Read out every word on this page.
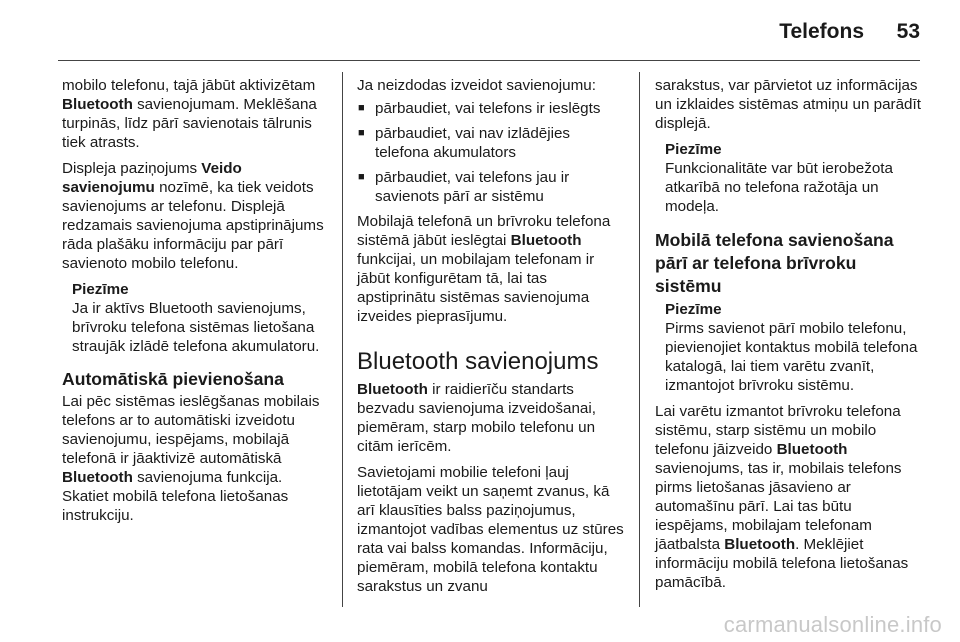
Telefons 53

mobilo telefonu, tajā jābūt aktivizētam Bluetooth savienojumam. Meklēšana turpinās, līdz pārī savienotais tālrunis tiek atrasts.

Displeja paziņojums Veido savienojumu nozīmē, ka tiek veidots savienojums ar telefonu. Displejā redzamais savienojuma apstiprinājums rāda plašāku informāciju par pārī savienoto mobilo telefonu.

Piezīme
Ja ir aktīvs Bluetooth savienojums, brīvroku telefona sistēmas lietošana straujāk izlādē telefona akumulatoru.
Automātiskā pievienošana

Lai pēc sistēmas ieslēgšanas mobilais telefons ar to automātiski izveidotu savienojumu, iespējams, mobilajā telefonā ir jāaktivizē automātiskā Bluetooth savienojuma funkcija. Skatiet mobilā telefona lietošanas instrukciju.

Ja neizdodas izveidot savienojumu:

■ pārbaudiet, vai telefons ir ieslēgts
■ pārbaudiet, vai nav izlādējies telefona akumulators
■ pārbaudiet, vai telefons jau ir savienots pārī ar sistēmu

Mobilajā telefonā un brīvroku telefona sistēmā jābūt ieslēgtai Bluetooth funkcijai, un mobilajam telefonam ir jābūt konfigurētam tā, lai tas apstiprinātu sistēmas savienojuma izveides pieprasījumu.

Bluetooth savienojums

Bluetooth ir raidierīču standarts bezvadu savienojuma izveidošanai, piemēram, starp mobilo telefonu un citām ierīcēm.

Savietojami mobilie telefoni ļauj lietotājam veikt un saņemt zvanus, kā arī klausīties balss paziņojumus, izmantojot vadības elementus uz stūres rata vai balss komandas. Informāciju, piemēram, mobilā telefona kontaktu sarakstus un zvanu

sarakstus, var pārvietot uz informācijas un izklaides sistēmas atmiņu un parādīt displejā.

Piezīme
Funkcionalitāte var būt ierobežota atkarībā no telefona ražotāja un modeļa.
Mobilā telefona savienošana pārī ar telefona brīvroku sistēmu
Piezīme
Pirms savienot pārī mobilo telefonu, pievienojiet kontaktus mobilā telefona katalogā, lai tiem varētu zvanīt, izmantojot brīvroku sistēmu.

Lai varētu izmantot brīvroku telefona sistēmu, starp sistēmu un mobilo telefonu jāizveido Bluetooth savienojums, tas ir, mobilais telefons pirms lietošanas jāsavieno ar automašīnu pārī. Lai tas būtu iespējams, mobilajam telefonam jāatbalsta Bluetooth. Meklējiet informāciju mobilā telefona lietošanas pamācībā.

carmanualsonline.info
